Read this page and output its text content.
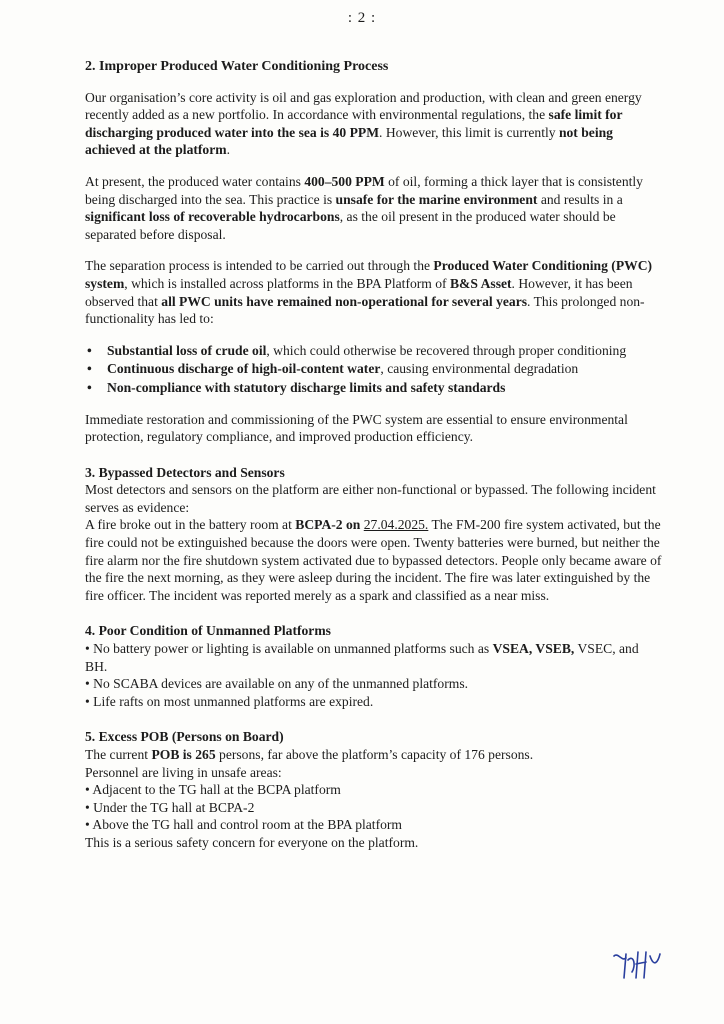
: 2 :

2. Improper Produced Water Conditioning Process

Our organisation’s core activity is oil and gas exploration and production, with clean and green energy recently added as a new portfolio. In accordance with environmental regulations, the safe limit for discharging produced water into the sea is 40 PPM. However, this limit is currently not being achieved at the platform.

At present, the produced water contains 400–500 PPM of oil, forming a thick layer that is consistently being discharged into the sea. This practice is unsafe for the marine environment and results in a significant loss of recoverable hydrocarbons, as the oil present in the produced water should be separated before disposal.

The separation process is intended to be carried out through the Produced Water Conditioning (PWC) system, which is installed across platforms in the BPA Platform of B&S Asset. However, it has been observed that all PWC units have remained non-operational for several years. This prolonged non-functionality has led to:

• Substantial loss of crude oil, which could otherwise be recovered through proper conditioning
• Continuous discharge of high-oil-content water, causing environmental degradation
• Non-compliance with statutory discharge limits and safety standards

Immediate restoration and commissioning of the PWC system are essential to ensure environmental protection, regulatory compliance, and improved production efficiency.

3. Bypassed Detectors and Sensors

Most detectors and sensors on the platform are either non-functional or bypassed. The following incident serves as evidence:

A fire broke out in the battery room at BCPA-2 on 27.04.2025. The FM-200 fire system activated, but the fire could not be extinguished because the doors were open. Twenty batteries were burned, but neither the fire alarm nor the fire shutdown system activated due to bypassed detectors. People only became aware of the fire the next morning, as they were asleep during the incident. The fire was later extinguished by the fire officer. The incident was reported merely as a spark and classified as a near miss.

4. Poor Condition of Unmanned Platforms

• No battery power or lighting is available on unmanned platforms such as VSEA, VSEB, VSEC, and BH.

• No SCABA devices are available on any of the unmanned platforms.

• Life rafts on most unmanned platforms are expired.

5. Excess POB (Persons on Board)

The current POB is 265 persons, far above the platform’s capacity of 176 persons.

Personnel are living in unsafe areas:

• Adjacent to the TG hall at the BCPA platform

• Under the TG hall at BCPA-2

• Above the TG hall and control room at the BPA platform

This is a serious safety concern for everyone on the platform.
